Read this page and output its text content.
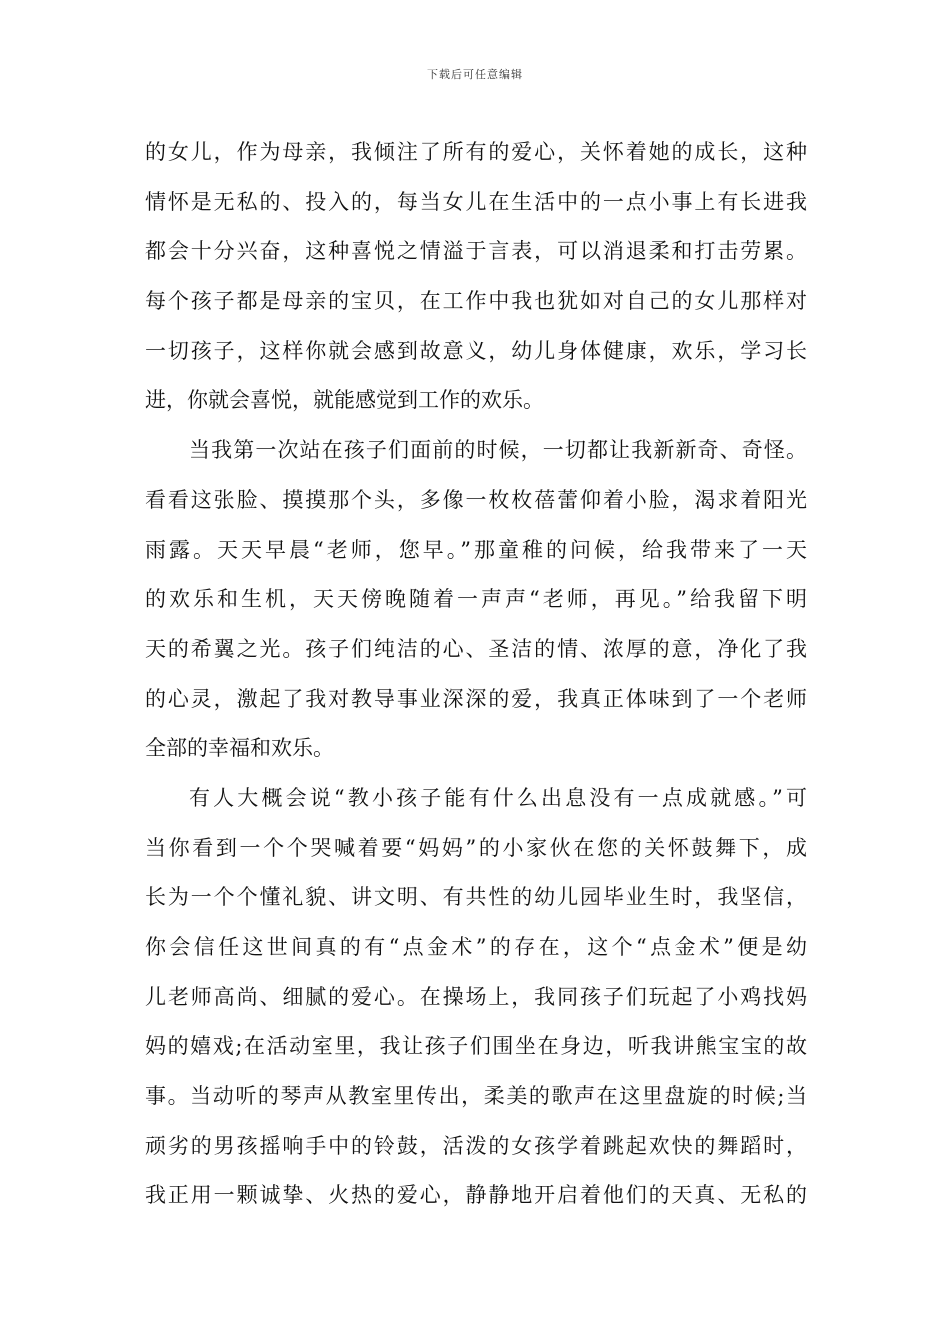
下载后可任意编辑
的女儿，作为母亲，我倾注了所有的爱心，关怀着她的成长，这种
情怀是无私的、投入的，每当女儿在生活中的一点小事上有长进我
都会十分兴奋，这种喜悦之情溢于言表，可以消退柔和打击劳累。
每个孩子都是母亲的宝贝，在工作中我也犹如对自己的女儿那样对
一切孩子，这样你就会感到故意义，幼儿身体健康，欢乐，学习长
进，你就会喜悦，就能感觉到工作的欢乐。
当我第一次站在孩子们面前的时候，一切都让我新新奇、奇怪。
看看这张脸、摸摸那个头，多像一枚枚蓓蕾仰着小脸，渴求着阳光
雨露。天天早晨“老师，您早。”那童稚的问候，给我带来了一天
的欢乐和生机，天天傍晚随着一声声“老师，再见。”给我留下明
天的希翼之光。孩子们纯洁的心、圣洁的情、浓厚的意，净化了我
的心灵，激起了我对教导事业深深的爱，我真正体味到了一个老师
全部的幸福和欢乐。
有人大概会说“教小孩子能有什么出息没有一点成就感。”可
当你看到一个个哭喊着要“妈妈”的小家伙在您的关怀鼓舞下，成
长为一个个懂礼貌、讲文明、有共性的幼儿园毕业生时，我坚信，
你会信任这世间真的有“点金术”的存在，这个“点金术”便是幼
儿老师高尚、细腻的爱心。在操场上，我同孩子们玩起了小鸡找妈
妈的嬉戏;在活动室里，我让孩子们围坐在身边，听我讲熊宝宝的故
事。当动听的琴声从教室里传出，柔美的歌声在这里盘旋的时候;当
顽劣的男孩摇响手中的铃鼓，活泼的女孩学着跳起欢快的舞蹈时，
我正用一颗诚挚、火热的爱心，静静地开启着他们的天真、无私的
